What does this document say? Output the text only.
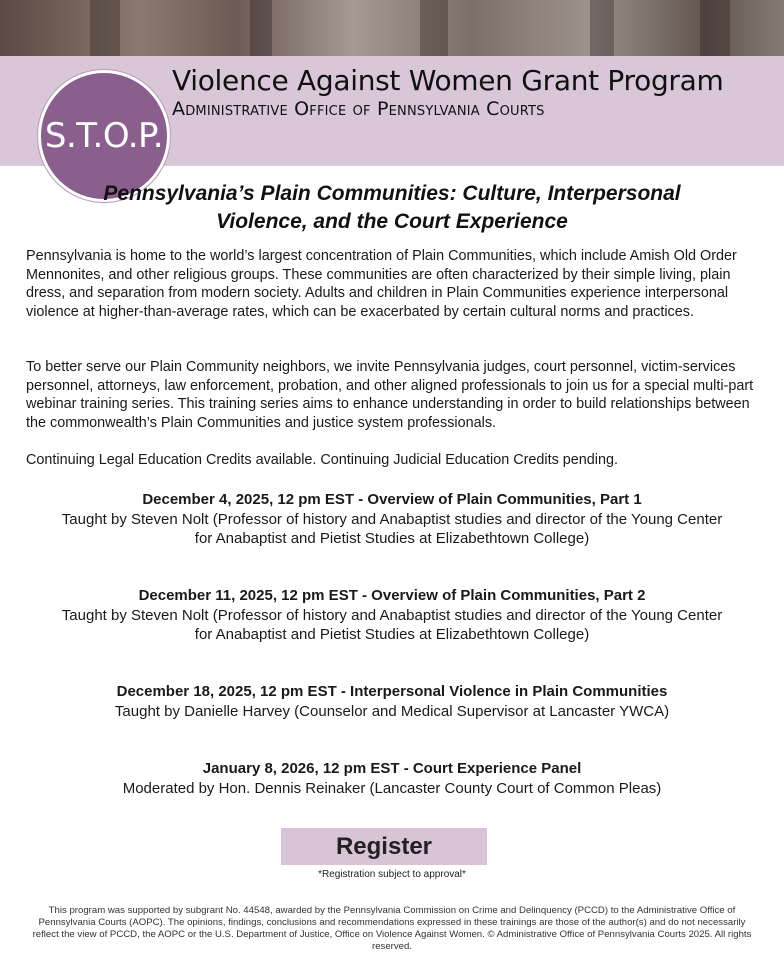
S.T.O.P.
Violence Against Women Grant Program
Administrative Office of Pennsylvania Courts
Pennsylvania’s Plain Communities: Culture, Interpersonal
Violence, and the Court Experience
Pennsylvania is home to the world’s largest concentration of Plain Communities, which include Amish Old Order Mennonites, and other religious groups. These communities are often characterized by their simple living, plain dress, and separation from modern society. Adults and children in Plain Communities experience interpersonal violence at higher-than-average rates, which can be exacerbated by certain cultural norms and practices.
To better serve our Plain Community neighbors, we invite Pennsylvania judges, court personnel, victim-services personnel, attorneys, law enforcement, probation, and other aligned professionals to join us for a special multi-part webinar training series. This training series aims to enhance understanding in order to build relationships between the commonwealth’s Plain Communities and justice system professionals.
Continuing Legal Education Credits available. Continuing Judicial Education Credits pending.
December 4, 2025, 12 pm EST - Overview of Plain Communities, Part 1
Taught by Steven Nolt (Professor of history and Anabaptist studies and director of the Young Center
for Anabaptist and Pietist Studies at Elizabethtown College)
December 11, 2025, 12 pm EST - Overview of Plain Communities, Part 2
Taught by Steven Nolt (Professor of history and Anabaptist studies and director of the Young Center
for Anabaptist and Pietist Studies at Elizabethtown College)
December 18, 2025, 12 pm EST - Interpersonal Violence in Plain Communities
Taught by Danielle Harvey (Counselor and Medical Supervisor at Lancaster YWCA)
January 8, 2026, 12 pm EST - Court Experience Panel
Moderated by Hon. Dennis Reinaker (Lancaster County Court of Common Pleas)
Register
*Registration subject to approval*
This program was supported by subgrant No. 44548, awarded by the Pennsylvania Commission on Crime and Delinquency (PCCD) to the Administrative Office of Pennsylvania Courts (AOPC). The opinions, findings, conclusions and recommendations expressed in these trainings are those of the author(s) and do not necessarily reflect the view of PCCD, the AOPC or the U.S. Department of Justice, Office on Violence Against Women. © Administrative Office of Pennsylvania Courts 2025. All rights reserved.
